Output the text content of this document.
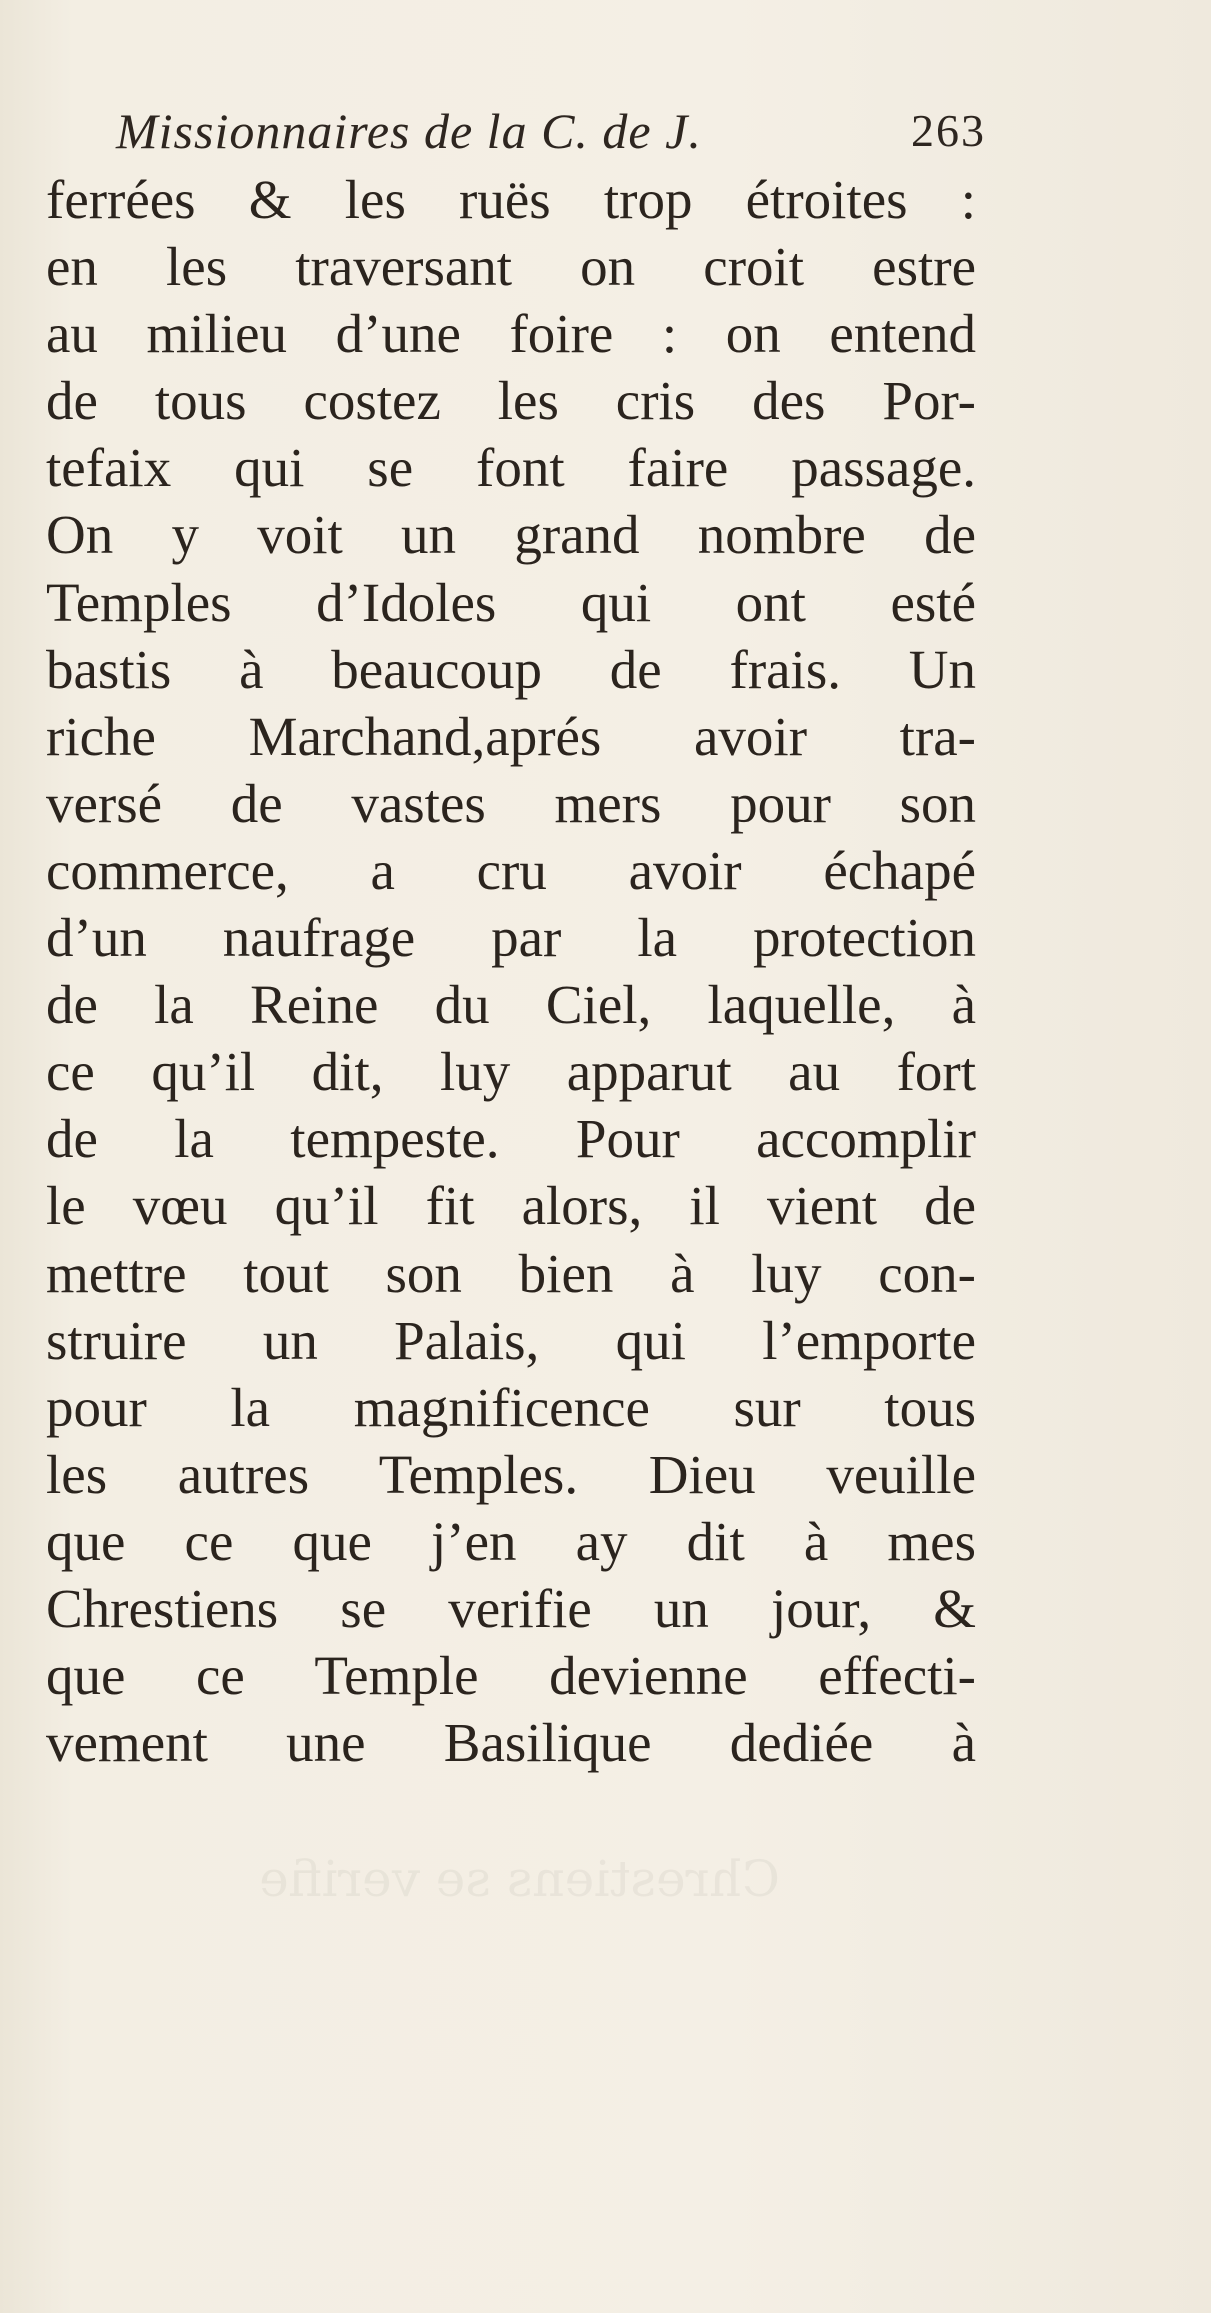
Chrestiens se verifie
Missionnaires de la C. de J.	263
ferrées & les ruës trop étroites :
en les traversant on croit estre
au milieu d’une foire : on entend
de tous costez les cris des Por-
tefaix qui se font faire passage.
On y voit un grand nombre de
Temples d’Idoles qui ont esté
bastis à beaucoup de frais. Un
riche Marchand,aprés avoir tra-
versé de vastes mers pour son
commerce, a cru avoir échapé
d’un naufrage par la protection
de la Reine du Ciel, laquelle, à
ce qu’il dit, luy apparut au fort
de la tempeste. Pour accomplir
le vœu qu’il fit alors, il vient de
mettre tout son bien à luy con-
struire un Palais, qui l’emporte
pour la magnificence sur tous
les autres Temples. Dieu veuille
que ce que j’en ay dit à mes
Chrestiens se verifie un jour, &
que ce Temple devienne effecti-
vement une Basilique dediée à
